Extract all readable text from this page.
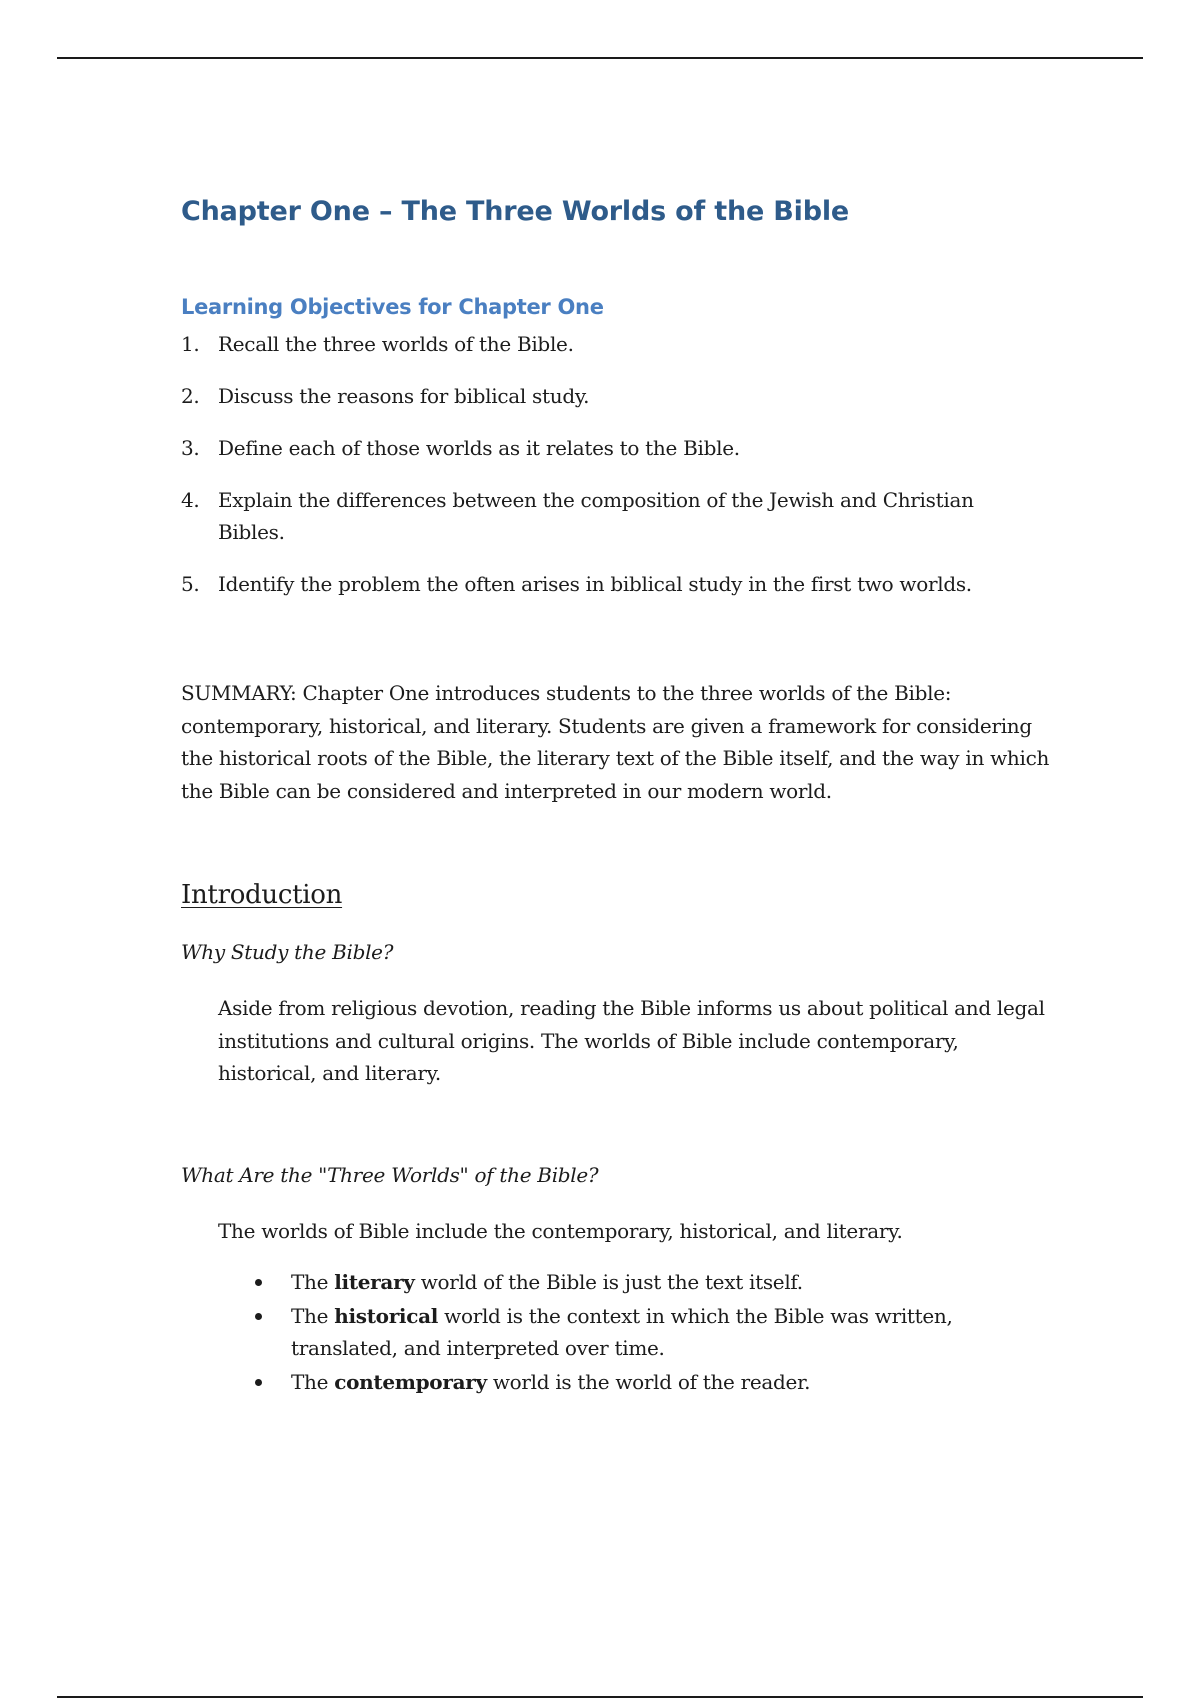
Chapter One – The Three Worlds of the Bible
Learning Objectives for Chapter One
1. Recall the three worlds of the Bible.
2. Discuss the reasons for biblical study.
3. Define each of those worlds as it relates to the Bible.
4. Explain the differences between the composition of the Jewish and Christian Bibles.
5. Identify the problem the often arises in biblical study in the first two worlds.

SUMMARY: Chapter One introduces students to the three worlds of the Bible: contemporary, historical, and literary. Students are given a framework for considering the historical roots of the Bible, the literary text of the Bible itself, and the way in which the Bible can be considered and interpreted in our modern world.

Introduction
Why Study the Bible?

Aside from religious devotion, reading the Bible informs us about political and legal institutions and cultural origins. The worlds of Bible include contemporary, historical, and literary.

What Are the "Three Worlds" of the Bible?

The worlds of Bible include the contemporary, historical, and literary.

The literary world of the Bible is just the text itself.
The historical world is the context in which the Bible was written, translated, and interpreted over time.
The contemporary world is the world of the reader.
